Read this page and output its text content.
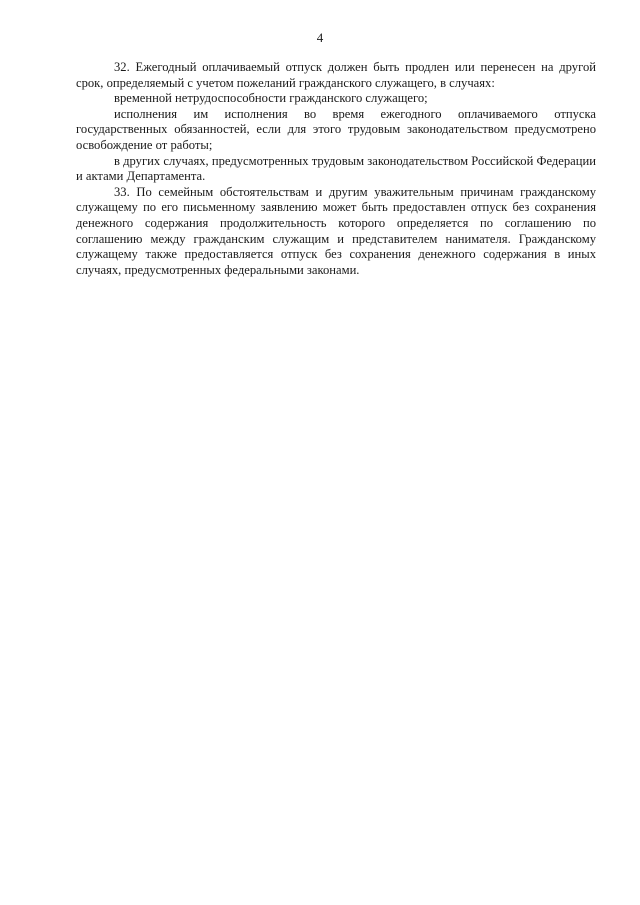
4

32. Ежегодный оплачиваемый отпуск должен быть продлен или перенесен на другой срок, определяемый с учетом пожеланий гражданского служащего, в случаях:

временной нетрудоспособности гражданского служащего;

исполнения им исполнения во время ежегодного оплачиваемого отпуска государственных обязанностей, если для этого трудовым законодательством предусмотрено освобождение от работы;

в других случаях, предусмотренных трудовым законодательством Российской Федерации и актами Департамента.

33. По семейным обстоятельствам и другим уважительным причинам гражданскому служащему по его письменному заявлению может быть предоставлен отпуск без сохранения денежного содержания продолжительность которого определяется по соглашению по соглашению между гражданским служащим и представителем нанимателя. Гражданскому служащему также предоставляется отпуск без сохранения денежного содержания в иных случаях, предусмотренных федеральными законами.
